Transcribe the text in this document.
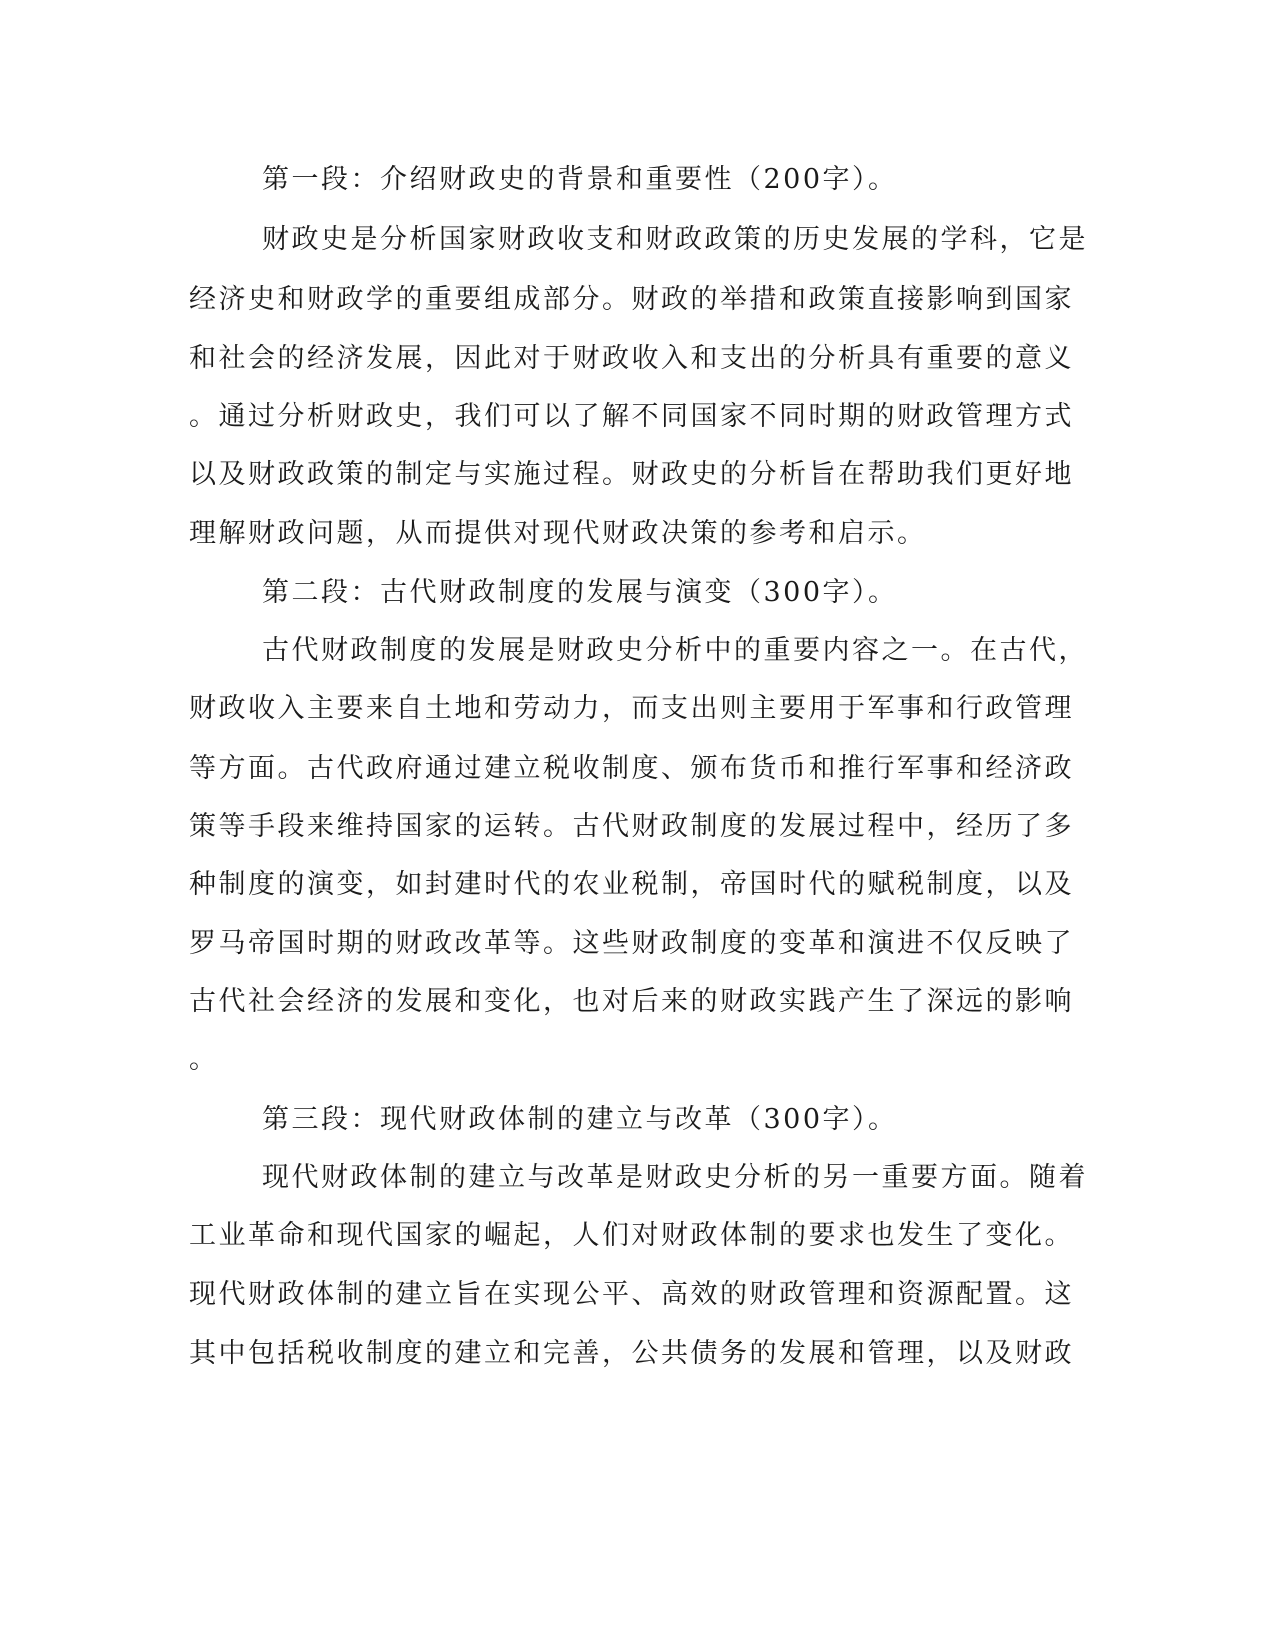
第一段：介绍财政史的背景和重要性（200字）。

财政史是分析国家财政收支和财政政策的历史发展的学科，它是

经济史和财政学的重要组成部分。财政的举措和政策直接影响到国家

和社会的经济发展，因此对于财政收入和支出的分析具有重要的意义

。通过分析财政史，我们可以了解不同国家不同时期的财政管理方式

以及财政政策的制定与实施过程。财政史的分析旨在帮助我们更好地

理解财政问题，从而提供对现代财政决策的参考和启示。

第二段：古代财政制度的发展与演变（300字）。

古代财政制度的发展是财政史分析中的重要内容之一。在古代，

财政收入主要来自土地和劳动力，而支出则主要用于军事和行政管理

等方面。古代政府通过建立税收制度、颁布货币和推行军事和经济政

策等手段来维持国家的运转。古代财政制度的发展过程中，经历了多

种制度的演变，如封建时代的农业税制，帝国时代的赋税制度，以及

罗马帝国时期的财政改革等。这些财政制度的变革和演进不仅反映了

古代社会经济的发展和变化，也对后来的财政实践产生了深远的影响

。

第三段：现代财政体制的建立与改革（300字）。

现代财政体制的建立与改革是财政史分析的另一重要方面。随着

工业革命和现代国家的崛起，人们对财政体制的要求也发生了变化。

现代财政体制的建立旨在实现公平、高效的财政管理和资源配置。这

其中包括税收制度的建立和完善，公共债务的发展和管理，以及财政
